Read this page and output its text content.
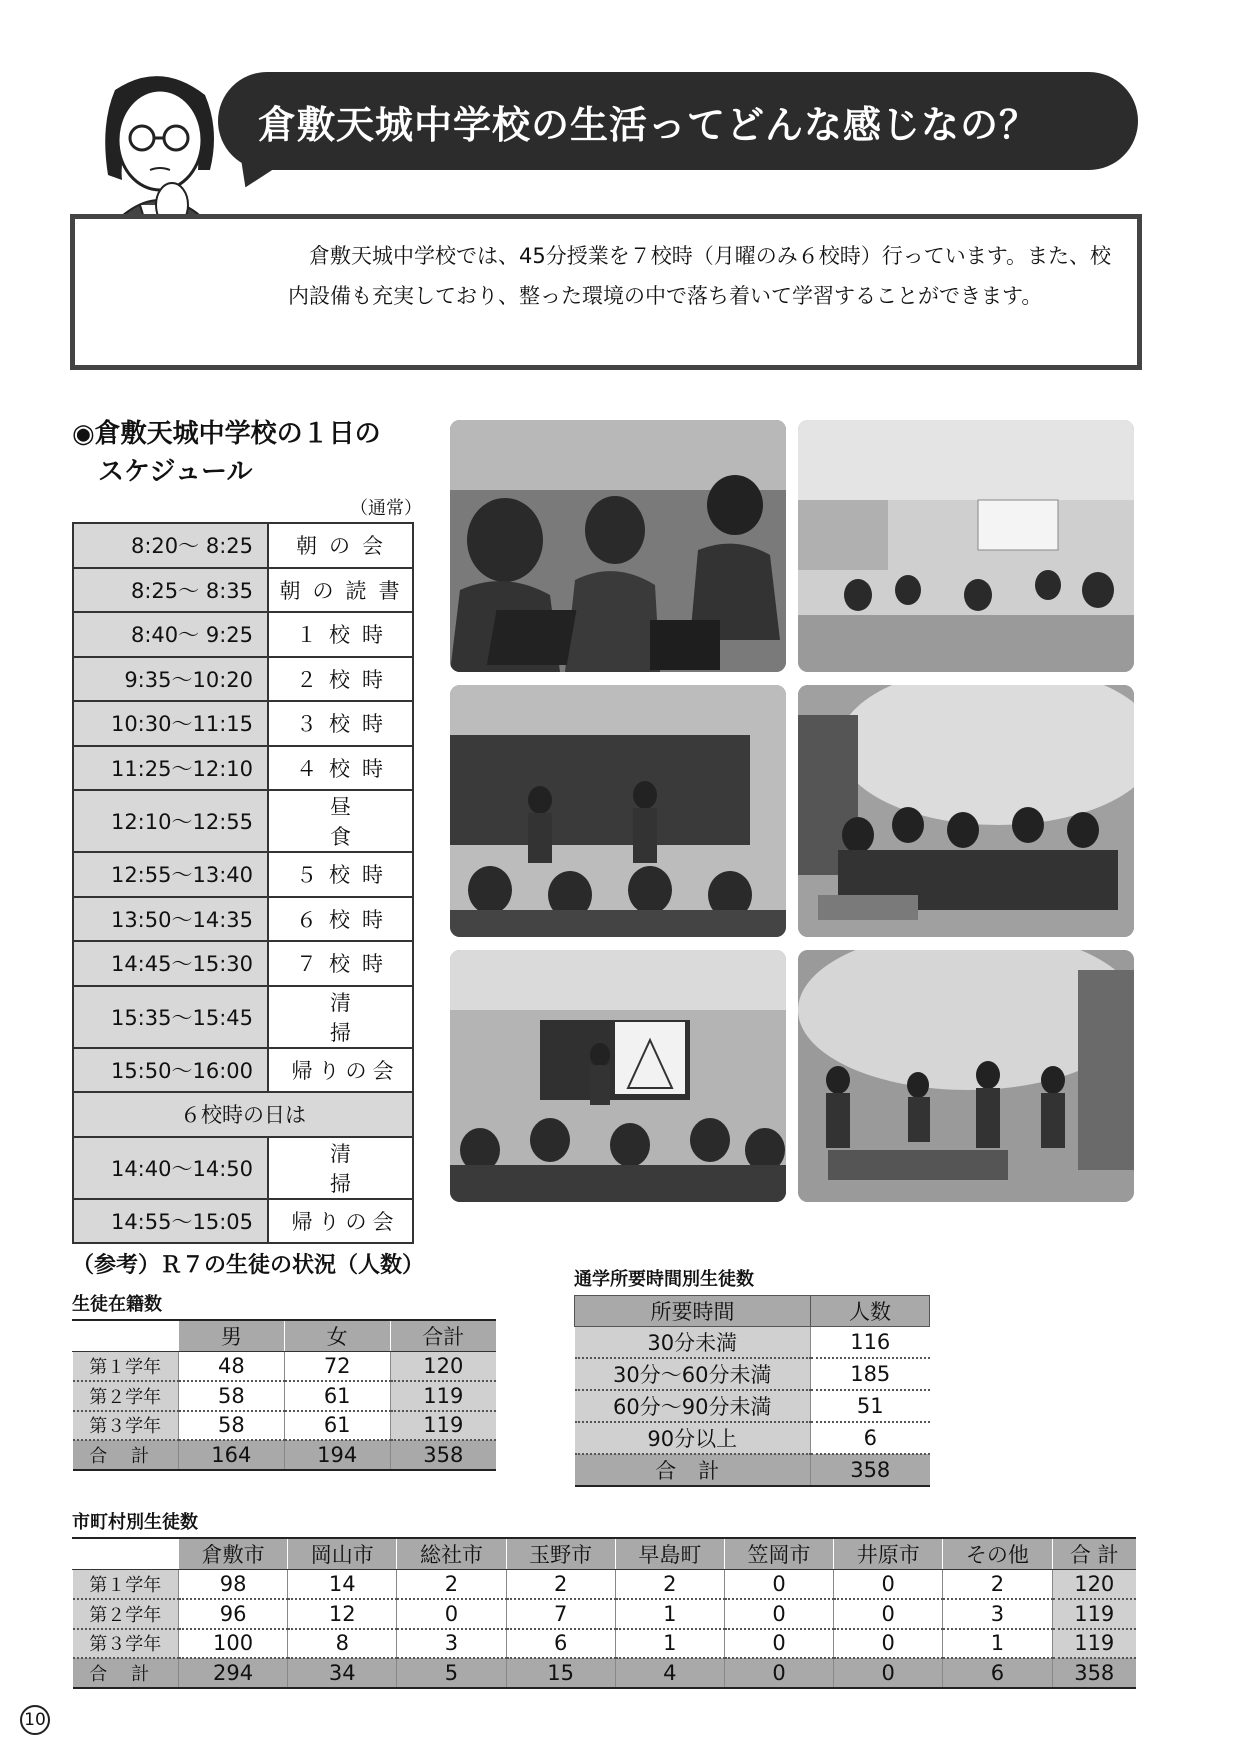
倉敷天城中学校の生活ってどんな感じなの？
　倉敷天城中学校では、45分授業を７校時（月曜のみ６校時）行っています。また、校内設備も充実しており、整った環境の中で落ち着いて学習することができます。
◉倉敷天城中学校の１日の
スケジュール
（通常）
8:20～ 8:25	朝の会
8:25～ 8:35	朝の読書
8:40～ 9:25	１校時
9:35～10:20	２校時
10:30～11:15	３校時
11:25～12:10	４校時
12:10～12:55	昼食
12:55～13:40	５校時
13:50～14:35	６校時
14:45～15:30	７校時
15:35～15:45	清掃
15:50～16:00	帰りの会
６校時の日は	
14:40～14:50	清掃
14:55～15:05	帰りの会
（参考）Ｒ７の生徒の状況（人数）
生徒在籍数
	男	女	合計
第１学年	48	72	120
第２学年	58	61	119
第３学年	58	61	119
合計	164	194	358
通学所要時間別生徒数
所要時間	人数
30分未満	116
30分～60分未満	185
60分～90分未満	51
90分以上	6
合計	358
市町村別生徒数
	倉敷市	岡山市	総社市	玉野市	早島町	笠岡市	井原市	その他	合 計
第１学年	98	14	2	2	2	0	0	2	120
第２学年	96	12	0	7	1	0	0	3	119
第３学年	100	8	3	6	1	0	0	1	119
合計	294	34	5	15	4	0	0	6	358
10
